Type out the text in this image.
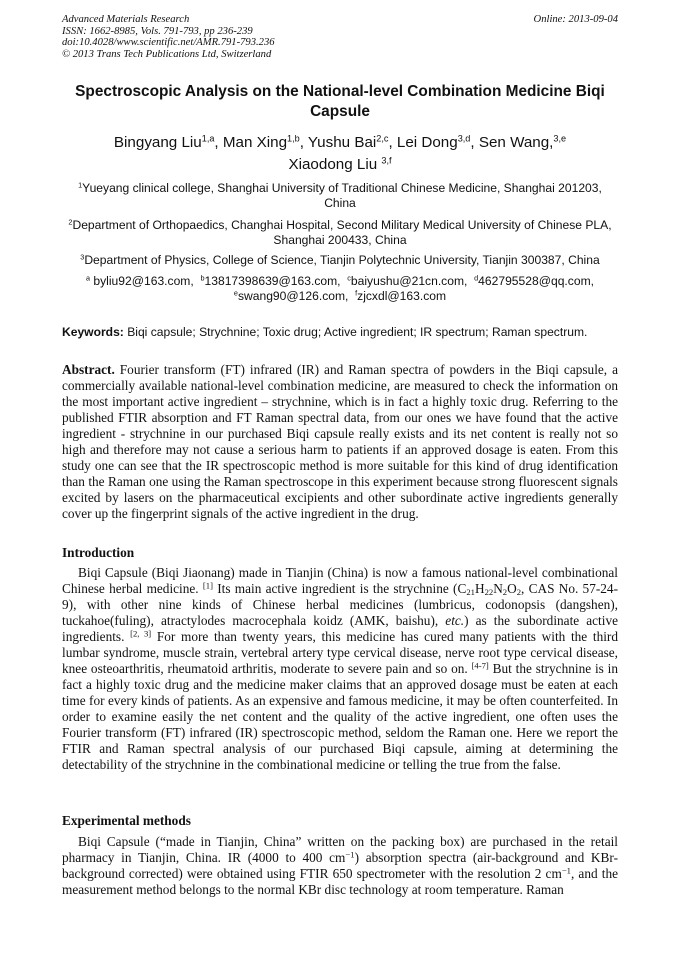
Advanced Materials Research
ISSN: 1662-8985, Vols. 791-793, pp 236-239
doi:10.4028/www.scientific.net/AMR.791-793.236
© 2013 Trans Tech Publications Ltd, Switzerland
Online: 2013-09-04
Spectroscopic Analysis on the National-level Combination Medicine Biqi Capsule
Bingyang Liu$^{1,a}$, Man Xing$^{1,b}$, Yushu Bai$^{2,c}$, Lei Dong$^{3,d}$, Sen Wang,$^{3,e}$
Xiaodong Liu $^{3,f}$
$^1$Yueyang clinical college, Shanghai University of Traditional Chinese Medicine, Shanghai 201203, China
$^2$Department of Orthopaedics, Changhai Hospital, Second Military Medical University of Chinese PLA, Shanghai 200433, China
$^3$Department of Physics, College of Science, Tianjin Polytechnic University, Tianjin 300387, China
$^a$ byliu92@163.com, $^b$13817398639@163.com, $^c$baiyushu@21cn.com, $^d$462795528@qq.com,
$^e$swang90@126.com, $^f$zjcxdl@163.com
Keywords: Biqi capsule; Strychnine; Toxic drug; Active ingredient; IR spectrum; Raman spectrum.
Abstract. Fourier transform (FT) infrared (IR) and Raman spectra of powders in the Biqi capsule, a commercially available national-level combination medicine, are measured to check the information on the most important active ingredient – strychnine, which is in fact a highly toxic drug. Referring to the published FTIR absorption and FT Raman spectral data, from our ones we have found that the active ingredient - strychnine in our purchased Biqi capsule really exists and its net content is really not so high and therefore may not cause a serious harm to patients if an approved dosage is eaten. From this study one can see that the IR spectroscopic method is more suitable for this kind of drug identification than the Raman one using the Raman spectroscope in this experiment because strong fluorescent signals excited by lasers on the pharmaceutical excipients and other subordinate active ingredients generally cover up the fingerprint signals of the active ingredient in the drug.
Introduction
Biqi Capsule (Biqi Jiaonang) made in Tianjin (China) is now a famous national-level combinational Chinese herbal medicine. [1] Its main active ingredient is the strychnine ($C_{21}H_{22}N_2O_2$, CAS No. 57-24-9), with other nine kinds of Chinese herbal medicines (lumbricus, codonopsis (dangshen), tuckahoe(fuling), atractylodes macrocephala koidz (AMK, baishu), etc.) as the subordinate active ingredients. [2, 3] For more than twenty years, this medicine has cured many patients with the third lumbar syndrome, muscle strain, vertebral artery type cervical disease, nerve root type cervical disease, knee osteoarthritis, rheumatoid arthritis, moderate to severe pain and so on. [4-7] But the strychnine is in fact a highly toxic drug and the medicine maker claims that an approved dosage must be eaten at each time for every kinds of patients. As an expensive and famous medicine, it may be often counterfeited. In order to examine easily the net content and the quality of the active ingredient, one often uses the Fourier transform (FT) infrared (IR) spectroscopic method, seldom the Raman one. Here we report the FTIR and Raman spectral analysis of our purchased Biqi capsule, aiming at determining the detectability of the strychnine in the combinational medicine or telling the true from the false.
Experimental methods
Biqi Capsule (“made in Tianjin, China” written on the packing box) are purchased in the retail pharmacy in Tianjin, China. IR (4000 to 400 $cm^{-1}$) absorption spectra (air-background and KBr-background corrected) were obtained using FTIR 650 spectrometer with the resolution 2 $cm^{-1}$, and the measurement method belongs to the normal KBr disc technology at room temperature. Raman
